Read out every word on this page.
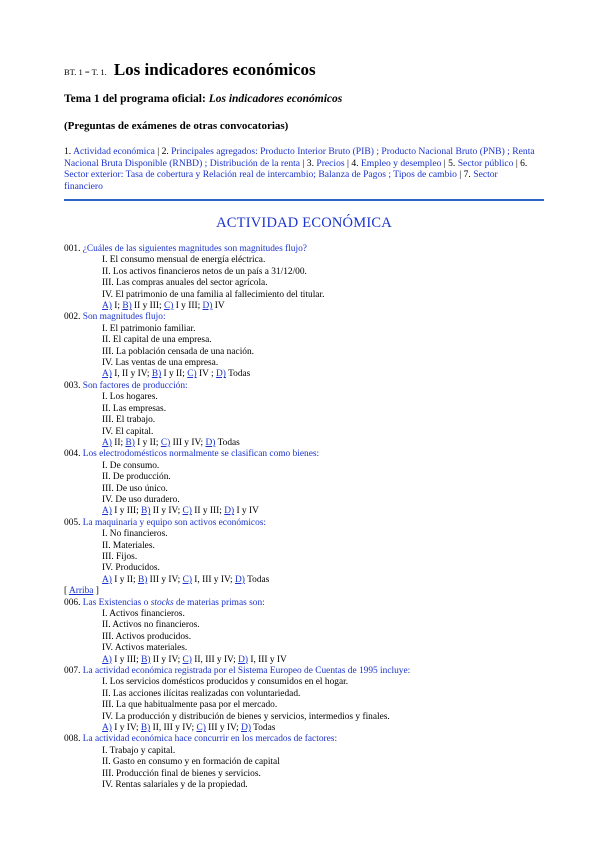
BT. 1 = T. 1. Los indicadores económicos
Tema 1 del programa oficial: Los indicadores económicos
(Preguntas de exámenes de otras convocatorias)
1. Actividad económica | 2. Principales agregados: Producto Interior Bruto (PIB) ; Producto Nacional Bruto (PNB) ; Renta Nacional Bruta Disponible (RNBD) ; Distribución de la renta | 3. Precios | 4. Empleo y desempleo | 5. Sector público | 6. Sector exterior: Tasa de cobertura y Relación real de intercambio; Balanza de Pagos ; Tipos de cambio | 7. Sector financiero
ACTIVIDAD ECONÓMICA
001. ¿Cuáles de las siguientes magnitudes son magnitudes flujo?
I. El consumo mensual de energía eléctrica.
II. Los activos financieros netos de un país a 31/12/00.
III. Las compras anuales del sector agrícola.
IV. El patrimonio de una familia al fallecimiento del titular.
A) I; B) II y III; C) I y III; D) IV
002. Son magnitudes flujo:
I. El patrimonio familiar.
II. El capital de una empresa.
III. La población censada de una nación.
IV. Las ventas de una empresa.
A) I, II y IV; B) I y II; C) IV ; D) Todas
003. Son factores de producción:
I. Los hogares.
II. Las empresas.
III. El trabajo.
IV. El capital.
A) II; B) I y II; C) III y IV; D) Todas
004. Los electrodomésticos normalmente se clasifican como bienes:
I. De consumo.
II. De producción.
III. De uso único.
IV. De uso duradero.
A) I y III; B) II y IV; C) II y III; D) I y IV
005. La maquinaria y equipo son activos económicos:
I. No financieros.
II. Materiales.
III. Fijos.
IV. Producidos.
A) I y II; B) III y IV; C) I, III y IV; D) Todas
[ Arriba ]
006. Las Existencias o stocks de materias primas son:
I. Activos financieros.
II. Activos no financieros.
III. Activos producidos.
IV. Activos materiales.
A) I y III; B) II y IV; C) II, III y IV; D) I, III y IV
007. La actividad económica registrada por el Sistema Europeo de Cuentas de 1995 incluye:
I. Los servicios domésticos producidos y consumidos en el hogar.
II. Las acciones ilícitas realizadas con voluntariedad.
III. La que habitualmente pasa por el mercado.
IV. La producción y distribución de bienes y servicios, intermedios y finales.
A) I y IV; B) II, III y IV; C) III y IV; D) Todas
008. La actividad económica hace concurrir en los mercados de factores:
I. Trabajo y capital.
II. Gasto en consumo y en formación de capital
III. Producción final de bienes y servicios.
IV. Rentas salariales y de la propiedad.
